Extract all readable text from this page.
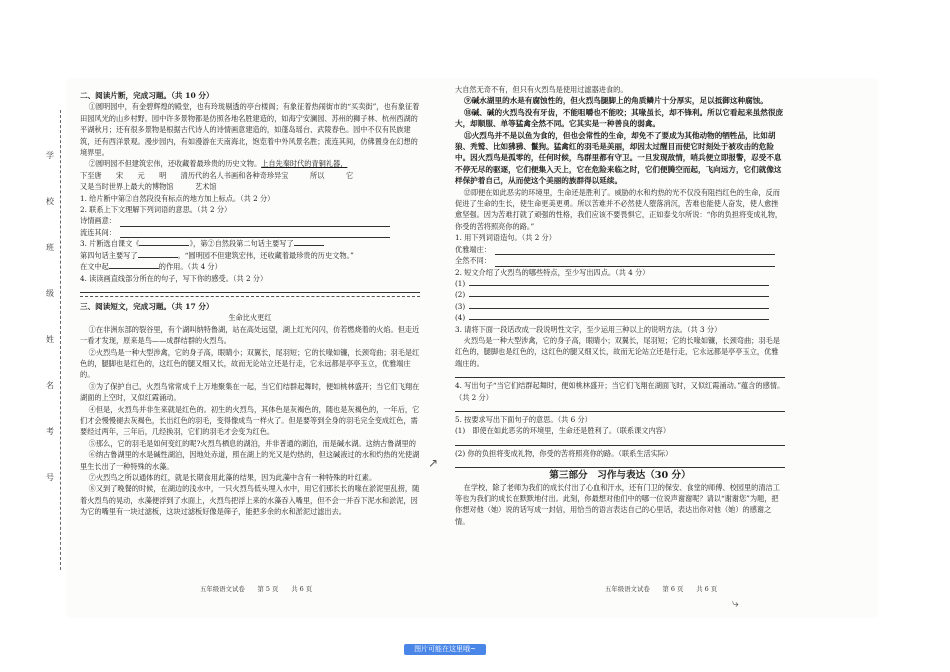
学
校
班
级
姓
名
考
号

二、阅读片断，完成习题。（共 10 分）

①圆明园中，有金碧辉煌的殿堂，也有玲珑剔透的亭台楼阁；有象征着热闹街市的“买卖街”，也有象征着田园风光的山乡村野。园中许多景物都是仿照各地名胜建造的，如海宁安澜园、苏州的狮子林、杭州西湖的平湖秋月；还有很多景物是根据古代诗人的诗情画意建造的，如蓬岛瑶台、武陵春色。园中不仅有民族建筑，还有西洋景观。漫步园内，有如漫游在天南海北，饱览着中外风景名胜；流连其间，仿佛置身在幻想的境界里。

②圆明园不但建筑宏伟，还收藏着最珍贵的历史文物。上自先秦时代的青铜礼器，

下至唐　　宋　　元　　明　　清历代的名人书画和各种奇珍异宝　　　所以　　　它

又是当时世界上最大的博物馆　　　艺术馆

1. 给片断中第②自然段没有标点的地方加上标点。（共 2 分）

2. 联系上下文理解下列词语的意思。（共 2 分）

诗情画意：
流连其间：

3. 片断选自课文《	》，第②自然段第二句话主要写了

第四句话主要写了	。“圆明园不但建筑宏伟，还收藏着最珍贵的历史文物。”

在文中起	的作用。（共 4 分）

4. 读读画直线部分所在的句子，写下你的感受。（共 2 分）

三、阅读短文，完成习题。（共 17 分）

生命比火更红

①在非洲东部的裂谷里，有个湖叫纳特鲁湖，站在高处远望，湖上红光闪闪，仿若燃烧着的火焰。但走近一看才发现，原来是鸟——成群结群的火烈鸟。

②火烈鸟是一种大型涉禽，它的身子高，眼睛小；双翼长，尾羽短；它的长喙如镰，长颈弯曲；羽毛是红色的，腿脚也是红色的，这红色的腿又细又长，故而无论站立还是行走，它永远都是亭亭玉立，优雅端庄的。

③为了保护自己，火烈鸟常常成千上万地聚集在一起，当它们结群起舞时，便如桃林盛开；当它们飞翔在湖面的上空时，又似红霞涌动。

④但是，火烈鸟并非生来就是红色的。初生的火烈鸟，其体色是灰褐色的，随也是灰褐色的，一年后，它们才会慢慢褪去灰褐色，长出红色的羽毛，变得像成鸟一样火了。但是要等到全身的羽毛完全变成红色，需要经过两年，三年后，几经换羽，它们的羽毛才会变为红色。

⑤那么，它的羽毛是如何变红的呢?火烈鸟栖息的湖泊，并非普通的湖泊，而是碱水湖。这纳古鲁湖里的

⑥纳古鲁湖里的水是碱性湖泊，因地处赤道，照在湖上的光又是灼热的，但这碱液过的水和灼热的光使湖里生长出了一种特殊的水藻。

⑦火烈鸟之所以通体的红，就是长期食用此藻的结果，因为此藻中含有一种特殊的叶红素。

⑧又到了晚餐的时候，在湖边的浅水中，一只火烈鸟低头埋入水中，用它们那长长的喙在淤泥里乱捞，随着火烈鸟的晃动，水藻便浮到了水面上，火烈鸟把浮上来的水藻吞入嘴里，但不会一并吞下泥水和淤泥，因为它的嘴里有一块过滤板，这块过滤板好像是筛子，能把多余的水和淤泥过滤出去。

大自然无奇不有，但只有火烈鸟是使用过滤器进食的。

⑨碱水湖里的水是有腐蚀性的，但火烈鸟腿脚上的角质鳞片十分厚实，足以抵御这种腐蚀。

⑩碱、碱的火烈鸟没有牙齿，不能咀嚼也不能咬；其喙虽长，却不锋利。所以它看起来虽然很庞大，却顺服、单等猛禽全然不同。它其实是一种善良的弱禽。

⑪火烈鸟并不是以鱼为食的，但也会常性的生命，却免不了要成为其他动物的牺牲品，比如胡狼、秃鹫、比如狒狒、鬣狗。猛禽红的羽毛是美丽，却因太过醒目而使它时刻处于被攻击的危险中。因火烈鸟是孤零的，任何时候，鸟群里都有守卫。一旦发现敌情，哨兵便立即报警，忍受不息不停无尽的驱逐，它们便集入天上，它在危险来临之时，它们便腾空而起，飞向远方，它们就像这样保护着自己，从而使这个美丽的族群得以延续。

⑫即便在如此恶劣的环境里，生命还是胜利了。威胁的水和灼热的光不仅没有阻挡红色的生命，反而促进了生命的生长，使生命更美更勇。所以苦难并不必然使人堕落消沉，苦难也能使人奋发，使人愈挫愈坚强。因为苦难打就了顽强的性格，我们应该不要畏惧它，正如泰戈尔所说：“你的负担将变成礼物，你受的苦将照亮你的路。”

1. 用下列词语造句。（共 2 分）

优雅端庄：
全然不同：

2. 短文介绍了火烈鸟的哪些特点，至少写出四点。（共 4 分）

(1)
(2)
(3)
(4)

3. 请将下面一段话改成一段说明性文字，至少运用三种以上的说明方法。（共 3 分）

火烈鸟是一种大型涉禽，它的身子高，眼睛小；双翼长，尾羽短；它的长喙如镰，长颈弯曲；羽毛是红色的，腿脚也是红色的，这红色的腿又细又长，故而无论站立还是行走，它永远都是亭亭玉立，优雅端庄的。

4. 写出句子“当它们结群起舞时，便如桃林盛开；当它们飞翔在湖面飞时，又似红霞涌动。”蕴含的感情。（共 2 分）

5. 按要求写出下面句子的意思。（共 6 分）

(1)　即使在如此恶劣的环境里，生命还是胜利了。（联系课文内容）

(2) 你的负担将变成礼物，你受的苦将照亮你的路。（联系生活实际）

第三部分　习作与表达（30 分）

在学校，除了老师为我们的成长付出了心血和汗水，还有门卫的保安、食堂的师傅、校园里的清洁工等也为我们的成长在默默地付出。此刻，你最想对他们中的哪一位说声谢谢呢？请以“谢谢您”为题，把你想对他（她）说的话写成一封信，用恰当的语言表达自己的心里话，表达出你对他（她）的感谢之情。

五年级语文试卷　　第 5 页　　共 6 页	五年级语文试卷　　第 6 页　　共 6 页
↗
⤷
图片可能在这里哦~
